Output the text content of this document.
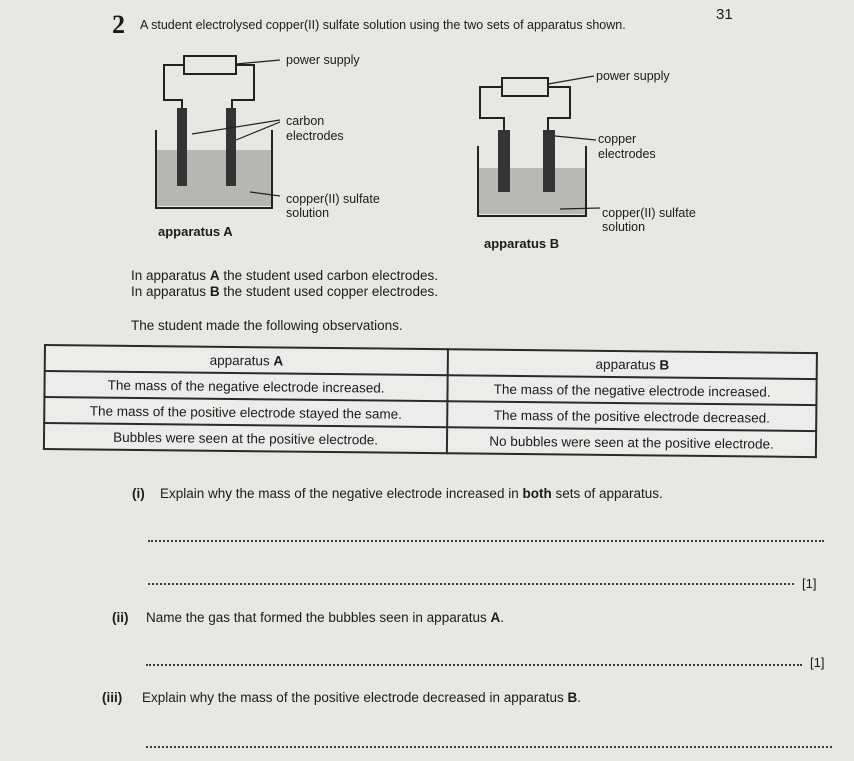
31
2 A student electrolysed copper(II) sulfate solution using the two sets of apparatus shown.
power supply
carbon
electrodes
copper(II) sulfate
solution
apparatus A
power supply
copper
electrodes
copper(II) sulfate
solution
apparatus B
In apparatus A the student used carbon electrodes.
In apparatus B the student used copper electrodes.
The student made the following observations.
apparatus A	apparatus B
The mass of the negative electrode increased.	The mass of the negative electrode increased.
The mass of the positive electrode stayed the same.	The mass of the positive electrode decreased.
Bubbles were seen at the positive electrode.	No bubbles were seen at the positive electrode.
(i) Explain why the mass of the negative electrode increased in both sets of apparatus.
[1]
(ii) Name the gas that formed the bubbles seen in apparatus A.
[1]
(iii) Explain why the mass of the positive electrode decreased in apparatus B.
